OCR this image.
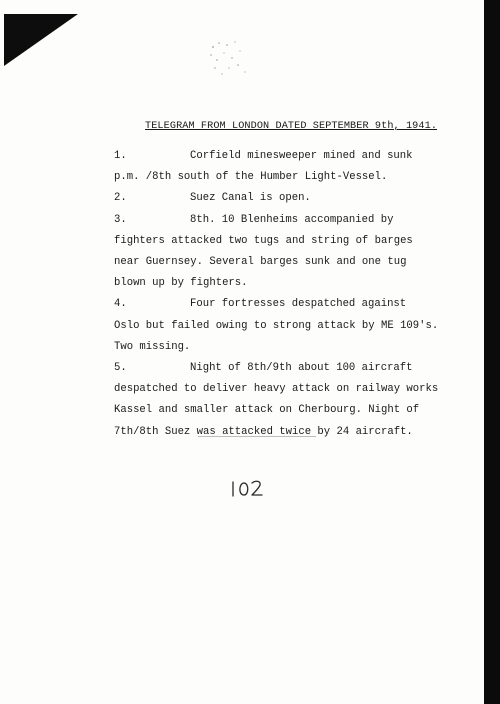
TELEGRAM FROM LONDON DATED SEPTEMBER 9th, 1941.
1.	Corfield minesweeper mined and sunk
p.m. /8th south of the Humber Light-Vessel.
2.	Suez Canal is open.
3.	8th. 10 Blenheims accompanied by
fighters attacked two tugs and string of barges
near Guernsey. Several barges sunk and one tug
blown up by fighters.
4.	Four fortresses despatched against
Oslo but failed owing to strong attack by ME 109's.
Two missing.
5.	Night of 8th/9th about 100 aircraft
despatched to deliver heavy attack on railway works
Kassel and smaller attack on Cherbourg. Night of
7th/8th Suez was attacked twice by 24 aircraft.
